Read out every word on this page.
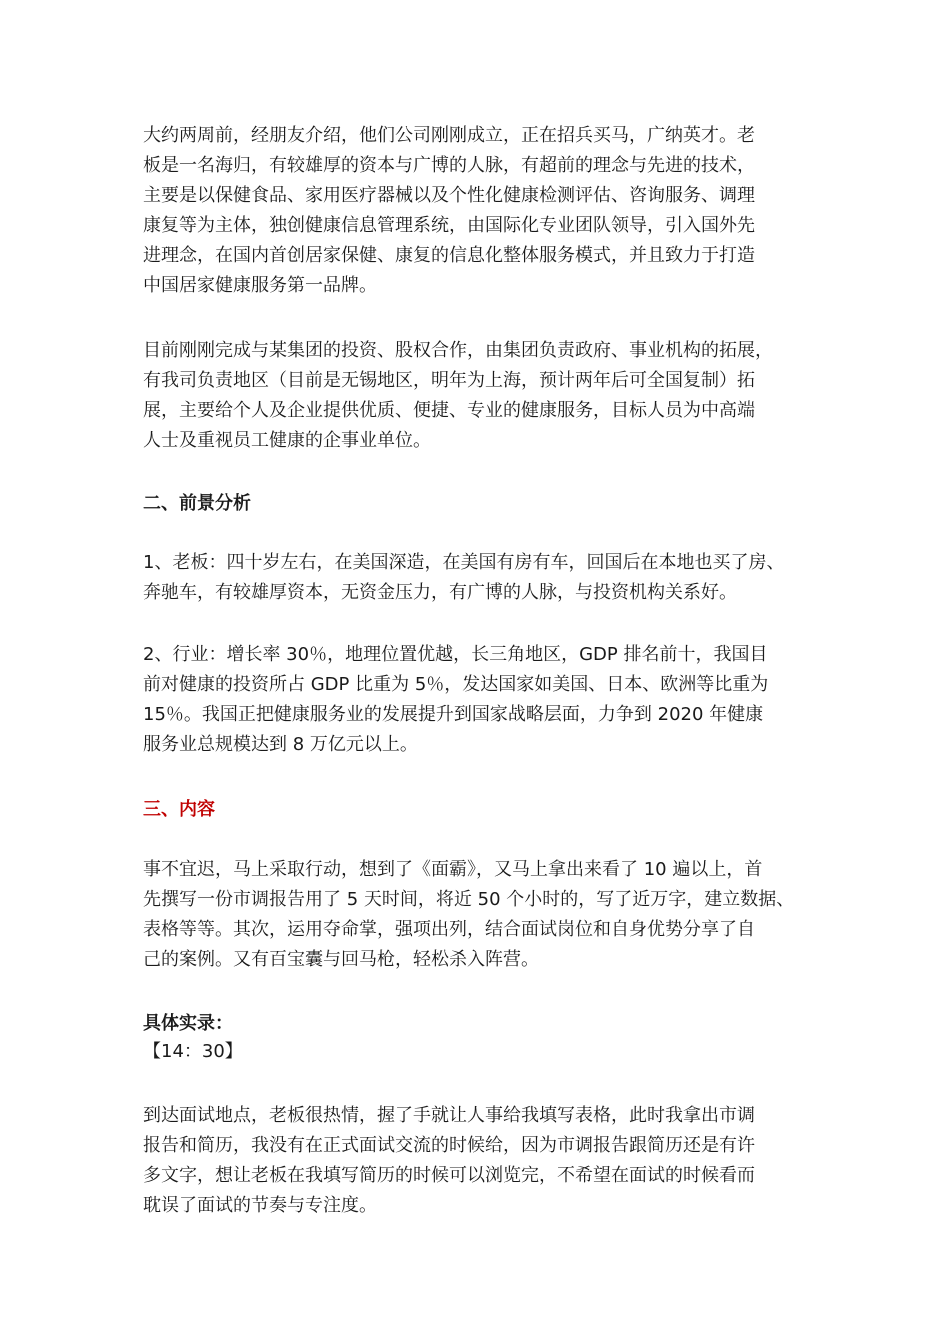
大约两周前，经朋友介绍，他们公司刚刚成立，正在招兵买马，广纳英才。老
板是一名海归，有较雄厚的资本与广博的人脉，有超前的理念与先进的技术，
主要是以保健食品、家用医疗器械以及个性化健康检测评估、咨询服务、调理
康复等为主体，独创健康信息管理系统，由国际化专业团队领导，引入国外先
进理念，在国内首创居家保健、康复的信息化整体服务模式，并且致力于打造
中国居家健康服务第一品牌。
目前刚刚完成与某集团的投资、股权合作，由集团负责政府、事业机构的拓展，
有我司负责地区（目前是无锡地区，明年为上海，预计两年后可全国复制）拓
展，主要给个人及企业提供优质、便捷、专业的健康服务，目标人员为中高端
人士及重视员工健康的企事业单位。
二、前景分析
1、老板：四十岁左右，在美国深造，在美国有房有车，回国后在本地也买了房、
奔驰车，有较雄厚资本，无资金压力，有广博的人脉，与投资机构关系好。
2、行业：增长率 30％，地理位置优越，长三角地区，GDP 排名前十，我国目
前对健康的投资所占 GDP 比重为 5％，发达国家如美国、日本、欧洲等比重为
15％。我国正把健康服务业的发展提升到国家战略层面，力争到 2020 年健康
服务业总规模达到 8 万亿元以上。
三、内容
事不宜迟，马上采取行动，想到了《面霸》，又马上拿出来看了 10 遍以上，首
先撰写一份市调报告用了 5 天时间，将近 50 个小时的，写了近万字，建立数据、
表格等等。其次，运用夺命掌，强项出列，结合面试岗位和自身优势分享了自
己的案例。又有百宝囊与回马枪，轻松杀入阵营。
具体实录：
【14：30】
到达面试地点，老板很热情，握了手就让人事给我填写表格，此时我拿出市调
报告和简历，我没有在正式面试交流的时候给，因为市调报告跟简历还是有许
多文字，想让老板在我填写简历的时候可以浏览完，不希望在面试的时候看而
耽误了面试的节奏与专注度。
